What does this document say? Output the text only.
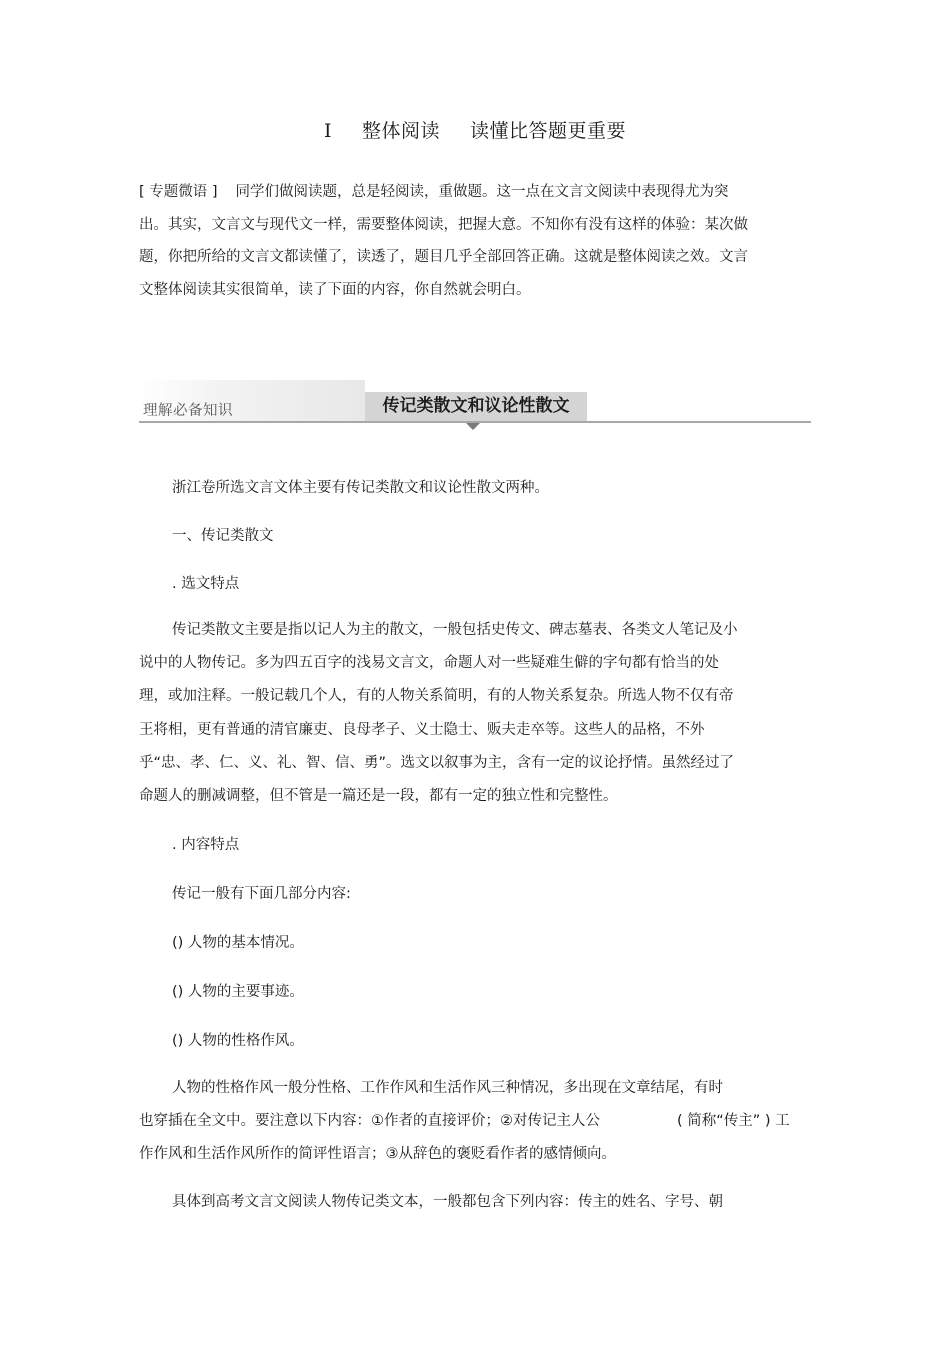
I 整体阅读 读懂比答题更重要

[ 专题微语 ] 同学们做阅读题，总是轻阅读，重做题。这一点在文言文阅读中表现得尤为突出。其实，文言文与现代文一样，需要整体阅读，把握大意。不知你有没有这样的体验：某次做题，你把所给的文言文都读懂了，读透了，题目几乎全部回答正确。这就是整体阅读之效。文言文整体阅读其实很简单，读了下面的内容，你自然就会明白。

理解必备知识	传记类散文和议论性散文
浙江卷所选文言文体主要有传记类散文和议论性散文两种。
一、传记类散文
. 选文特点

传记类散文主要是指以记人为主的散文，一般包括史传文、碑志墓表、各类文人笔记及小说中的人物传记。多为四五百字的浅易文言文，命题人对一些疑难生僻的字句都有恰当的处理，或加注释。一般记载几个人，有的人物关系简明，有的人物关系复杂。所选人物不仅有帝王将相，更有普通的清官廉吏、良母孝子、义士隐士、贩夫走卒等。这些人的品格，不外乎“忠、孝、仁、义、礼、智、信、勇”。选文以叙事为主，含有一定的议论抒情。虽然经过了命题人的删减调整，但不管是一篇还是一段，都有一定的独立性和完整性。

. 内容特点
传记一般有下面几部分内容:
() 人物的基本情况。
() 人物的主要事迹。
() 人物的性格作风。
人物的性格作风一般分性格、工作作风和生活作风三种情况，多出现在文章结尾，有时
也穿插在全文中。要注意以下内容：①作者的直接评价；②对传记主人公	( 简称“传主” ) 工
作作风和生活作风所作的简评性语言；③从辞色的褒贬看作者的感情倾向。
具体到高考文言文阅读人物传记类文本，一般都包含下列内容：传主的姓名、字号、朝
